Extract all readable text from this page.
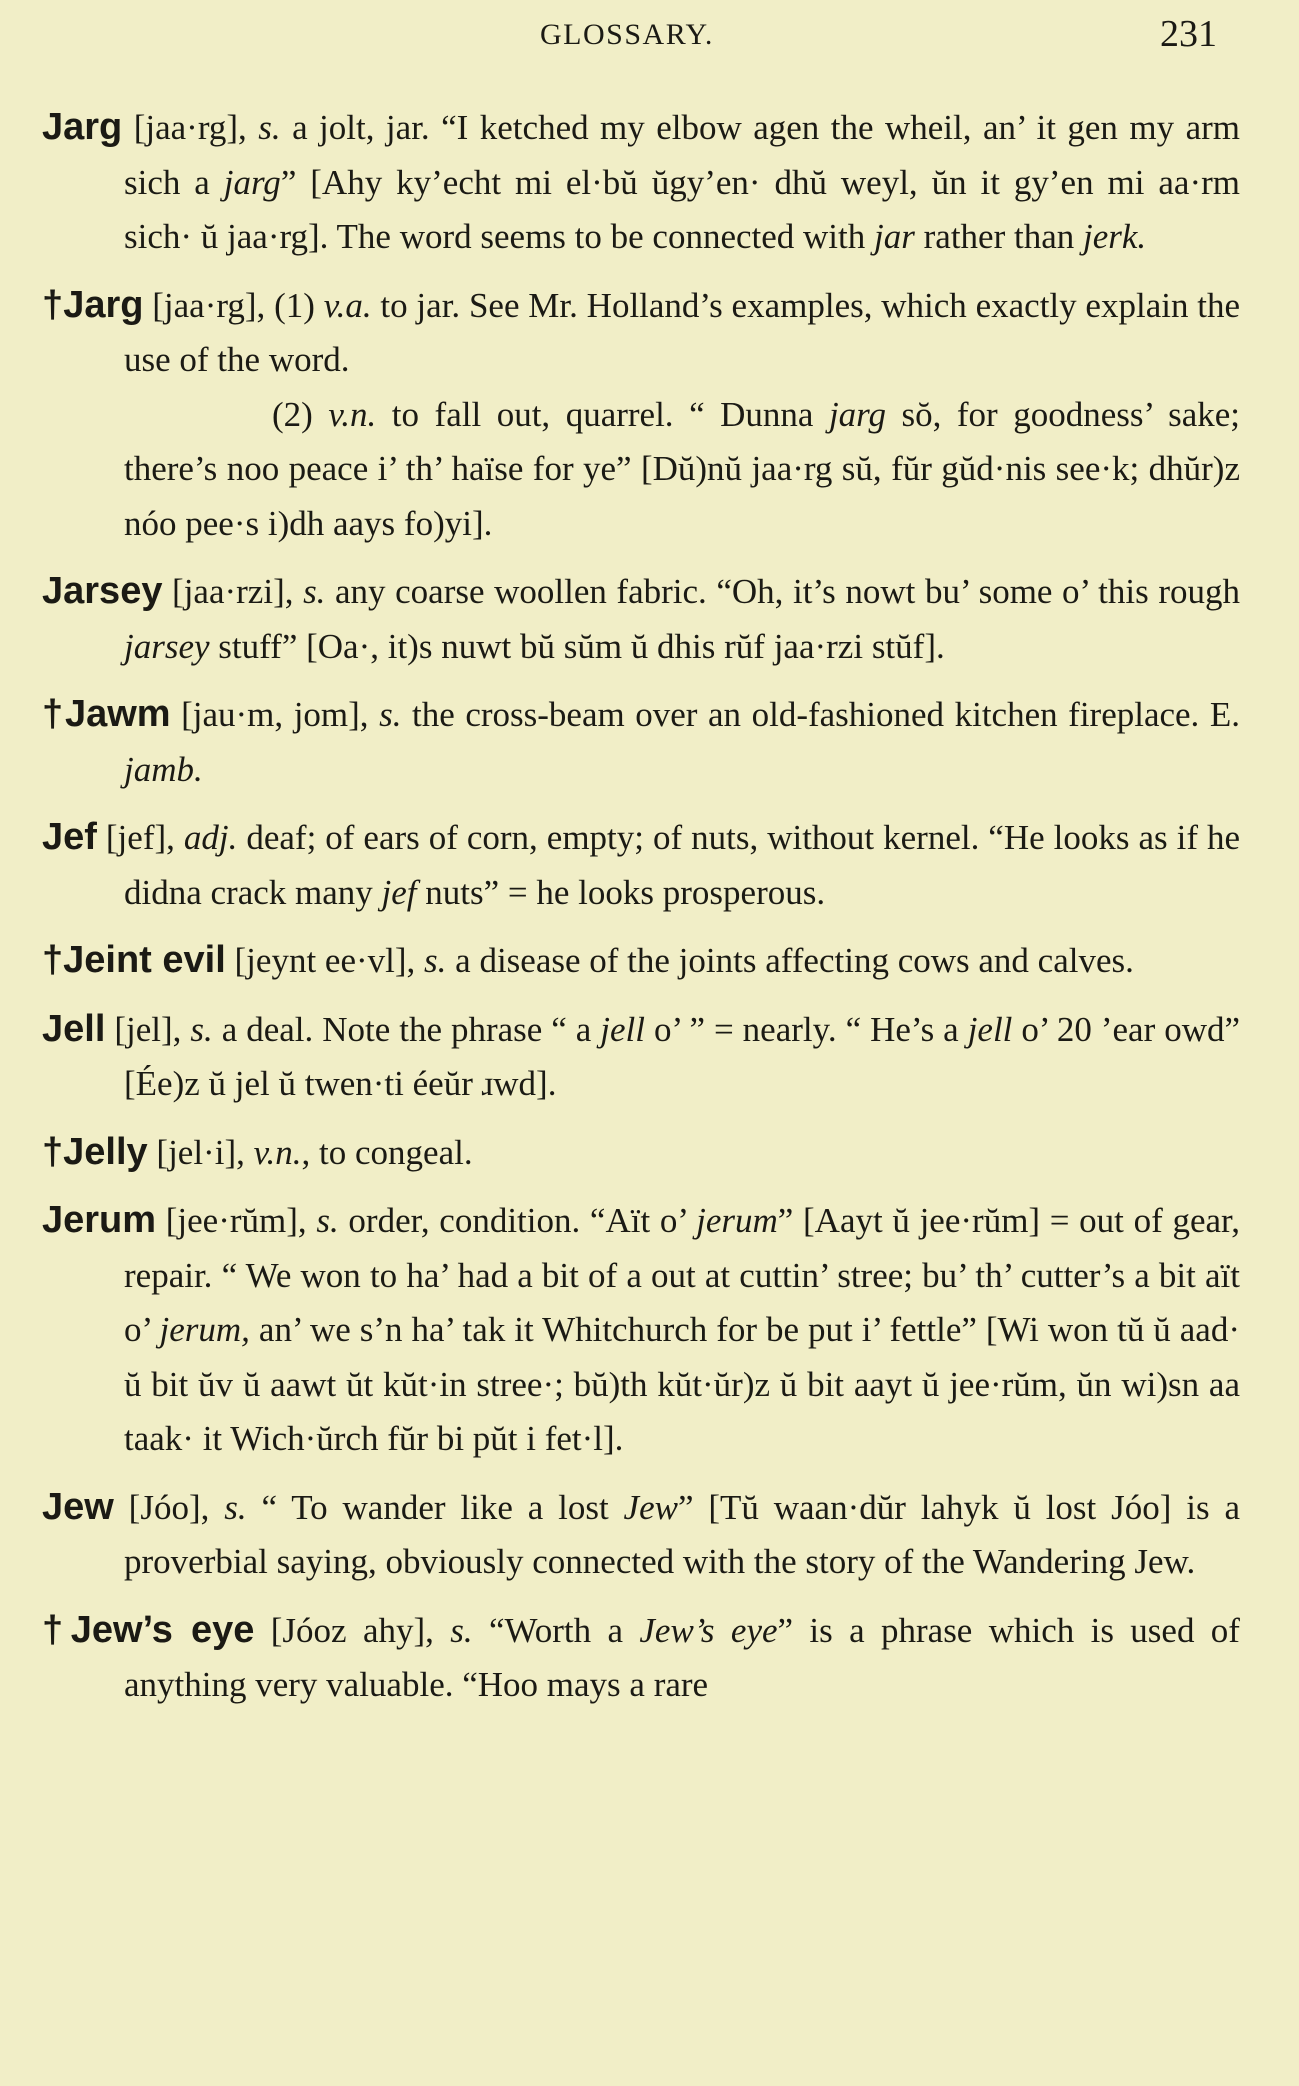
GLOSSARY.	231

Jarg [jaa·rg], s. a jolt, jar. “I ketched my elbow agen the wheil, an’ it gen my arm sich a jarg” [Ahy ky’echt mi el·bŭ ŭgy’en· dhŭ weyl, ŭn it gy’en mi aa·rm sich· ŭ jaa·rg]. The word seems to be connected with jar rather than jerk.

†Jarg [jaa·rg], (1) v.a. to jar. See Mr. Holland’s examples, which exactly explain the use of the word.
(2) v.n. to fall out, quarrel. “ Dunna jarg sŏ, for goodness’ sake; there’s noo peace i’ th’ haïse for ye” [Dŭ)nŭ jaa·rg sŭ, fŭr gŭd·nis see·k; dhŭr)z nóo pee·s i)dh aays fo)yi].

Jarsey [jaa·rzi], s. any coarse woollen fabric. “Oh, it’s nowt bu’ some o’ this rough jarsey stuff” [Oa·, it)s nuwt bŭ sŭm ŭ dhis rŭf jaa·rzi stŭf].

†Jawm [jau·m, jom], s. the cross-beam over an old-fashioned kitchen fireplace. E. jamb.

Jef [jef], adj. deaf; of ears of corn, empty; of nuts, without kernel. “He looks as if he didna crack many jef nuts” = he looks prosperous.

†Jeint evil [jeynt ee·vl], s. a disease of the joints affecting cows and calves.

Jell [jel], s. a deal. Note the phrase “ a jell o’ ” = nearly. “ He’s a jell o’ 20 ’ear owd” [Ée)z ŭ jel ŭ twen·ti éeŭr ɹwd].

†Jelly [jel·i], v.n., to congeal.

Jerum [jee·rŭm], s. order, condition. “Aït o’ jerum” [Aayt ŭ jee·rŭm] = out of gear, repair. “ We won to ha’ had a bit of a out at cuttin’ stree; bu’ th’ cutter’s a bit aït o’ jerum, an’ we s’n ha’ tak it Whitchurch for be put i’ fettle” [Wi won tŭ ŭ aad· ŭ bit ŭv ŭ aawt ŭt kŭt·in stree·; bŭ)th kŭt·ŭr)z ŭ bit aayt ŭ jee·rŭm, ŭn wi)sn aa taak· it Wich·ŭrch fŭr bi pŭt i fet·l].

Jew [Jóo], s. “ To wander like a lost Jew” [Tŭ waan·dŭr lahyk ŭ lost Jóo] is a proverbial saying, obviously connected with the story of the Wandering Jew.

†Jew’s eye [Jóoz ahy], s. “Worth a Jew’s eye” is a phrase which is used of anything very valuable. “Hoo mays a rare
